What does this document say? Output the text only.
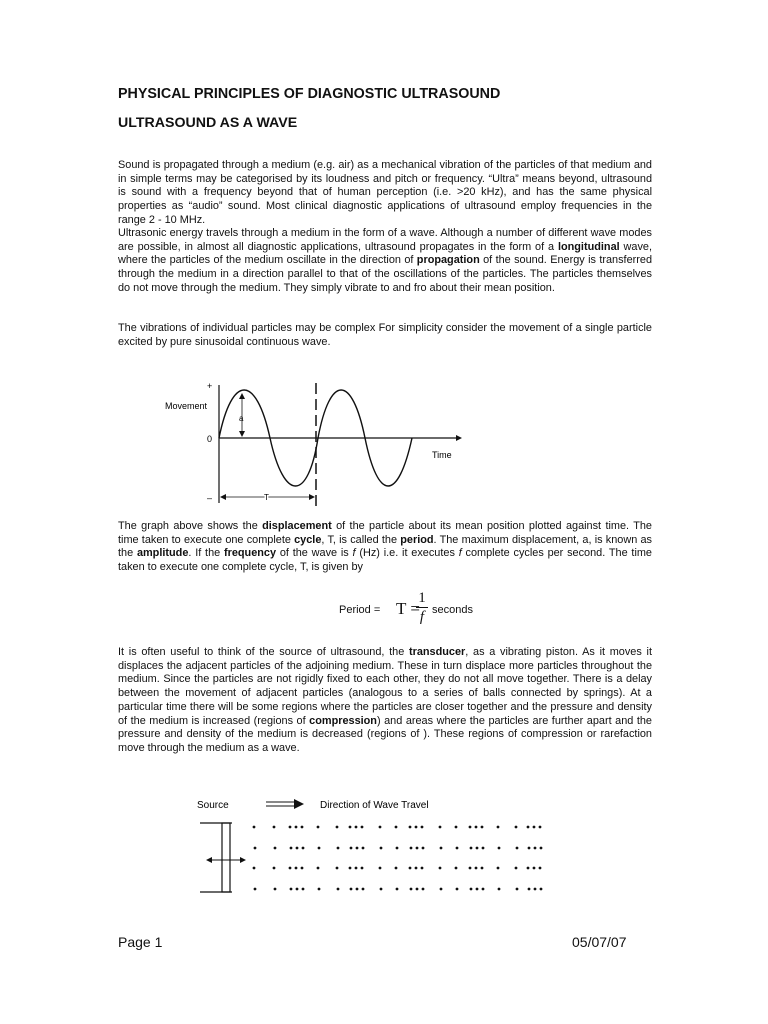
PHYSICAL PRINCIPLES OF DIAGNOSTIC ULTRASOUND
ULTRASOUND AS A WAVE

Sound is propagated through a medium (e.g. air) as a mechanical vibration of the particles of that medium and in simple terms may be categorised by its loudness and pitch or frequency. “Ultra” means beyond, ultrasound is sound with a frequency beyond that of human perception (i.e. >20 kHz), and has the same physical properties as “audio” sound. Most clinical diagnostic applications of ultrasound employ frequencies in the range 2 - 10 MHz.

Ultrasonic energy travels through a medium in the form of a wave. Although a number of different wave modes are possible, in almost all diagnostic applications, ultrasound propagates in the form of a longitudinal wave, where the particles of the medium oscillate in the direction of propagation of the sound. Energy is transferred through the medium in a direction parallel to that of the oscillations of the particles. The particles themselves do not move through the medium. They simply vibrate to and fro about their mean position.

The vibrations of individual particles may be complex For simplicity consider the movement of a single particle excited by pure sinusoidal continuous wave.

+
Movement
0
–
Time
a
T

The graph above shows the displacement of the particle about its mean position plotted against time. The time taken to execute one complete cycle, T, is called the period. The maximum displacement, a, is known as the amplitude. If the frequency of the wave is f (Hz) i.e. it executes f complete cycles per second. The time taken to execute one complete cycle, T, is given by

Period = T =
1
f seconds

It is often useful to think of the source of ultrasound, the transducer, as a vibrating piston. As it moves it displaces the adjacent particles of the adjoining medium. These in turn displace more particles throughout the medium. Since the particles are not rigidly fixed to each other, they do not all move together. There is a delay between the movement of adjacent particles (analogous to a series of balls connected by springs). At a particular time there will be some regions where the particles are closer together and the pressure and density of the medium is increased (regions of compression) and areas where the particles are further apart and the pressure and density of the medium is decreased (regions of ). These regions of compression or rarefaction move through the medium as a wave.

Source	Direction of Wave Travel
Page 1	05/07/07
